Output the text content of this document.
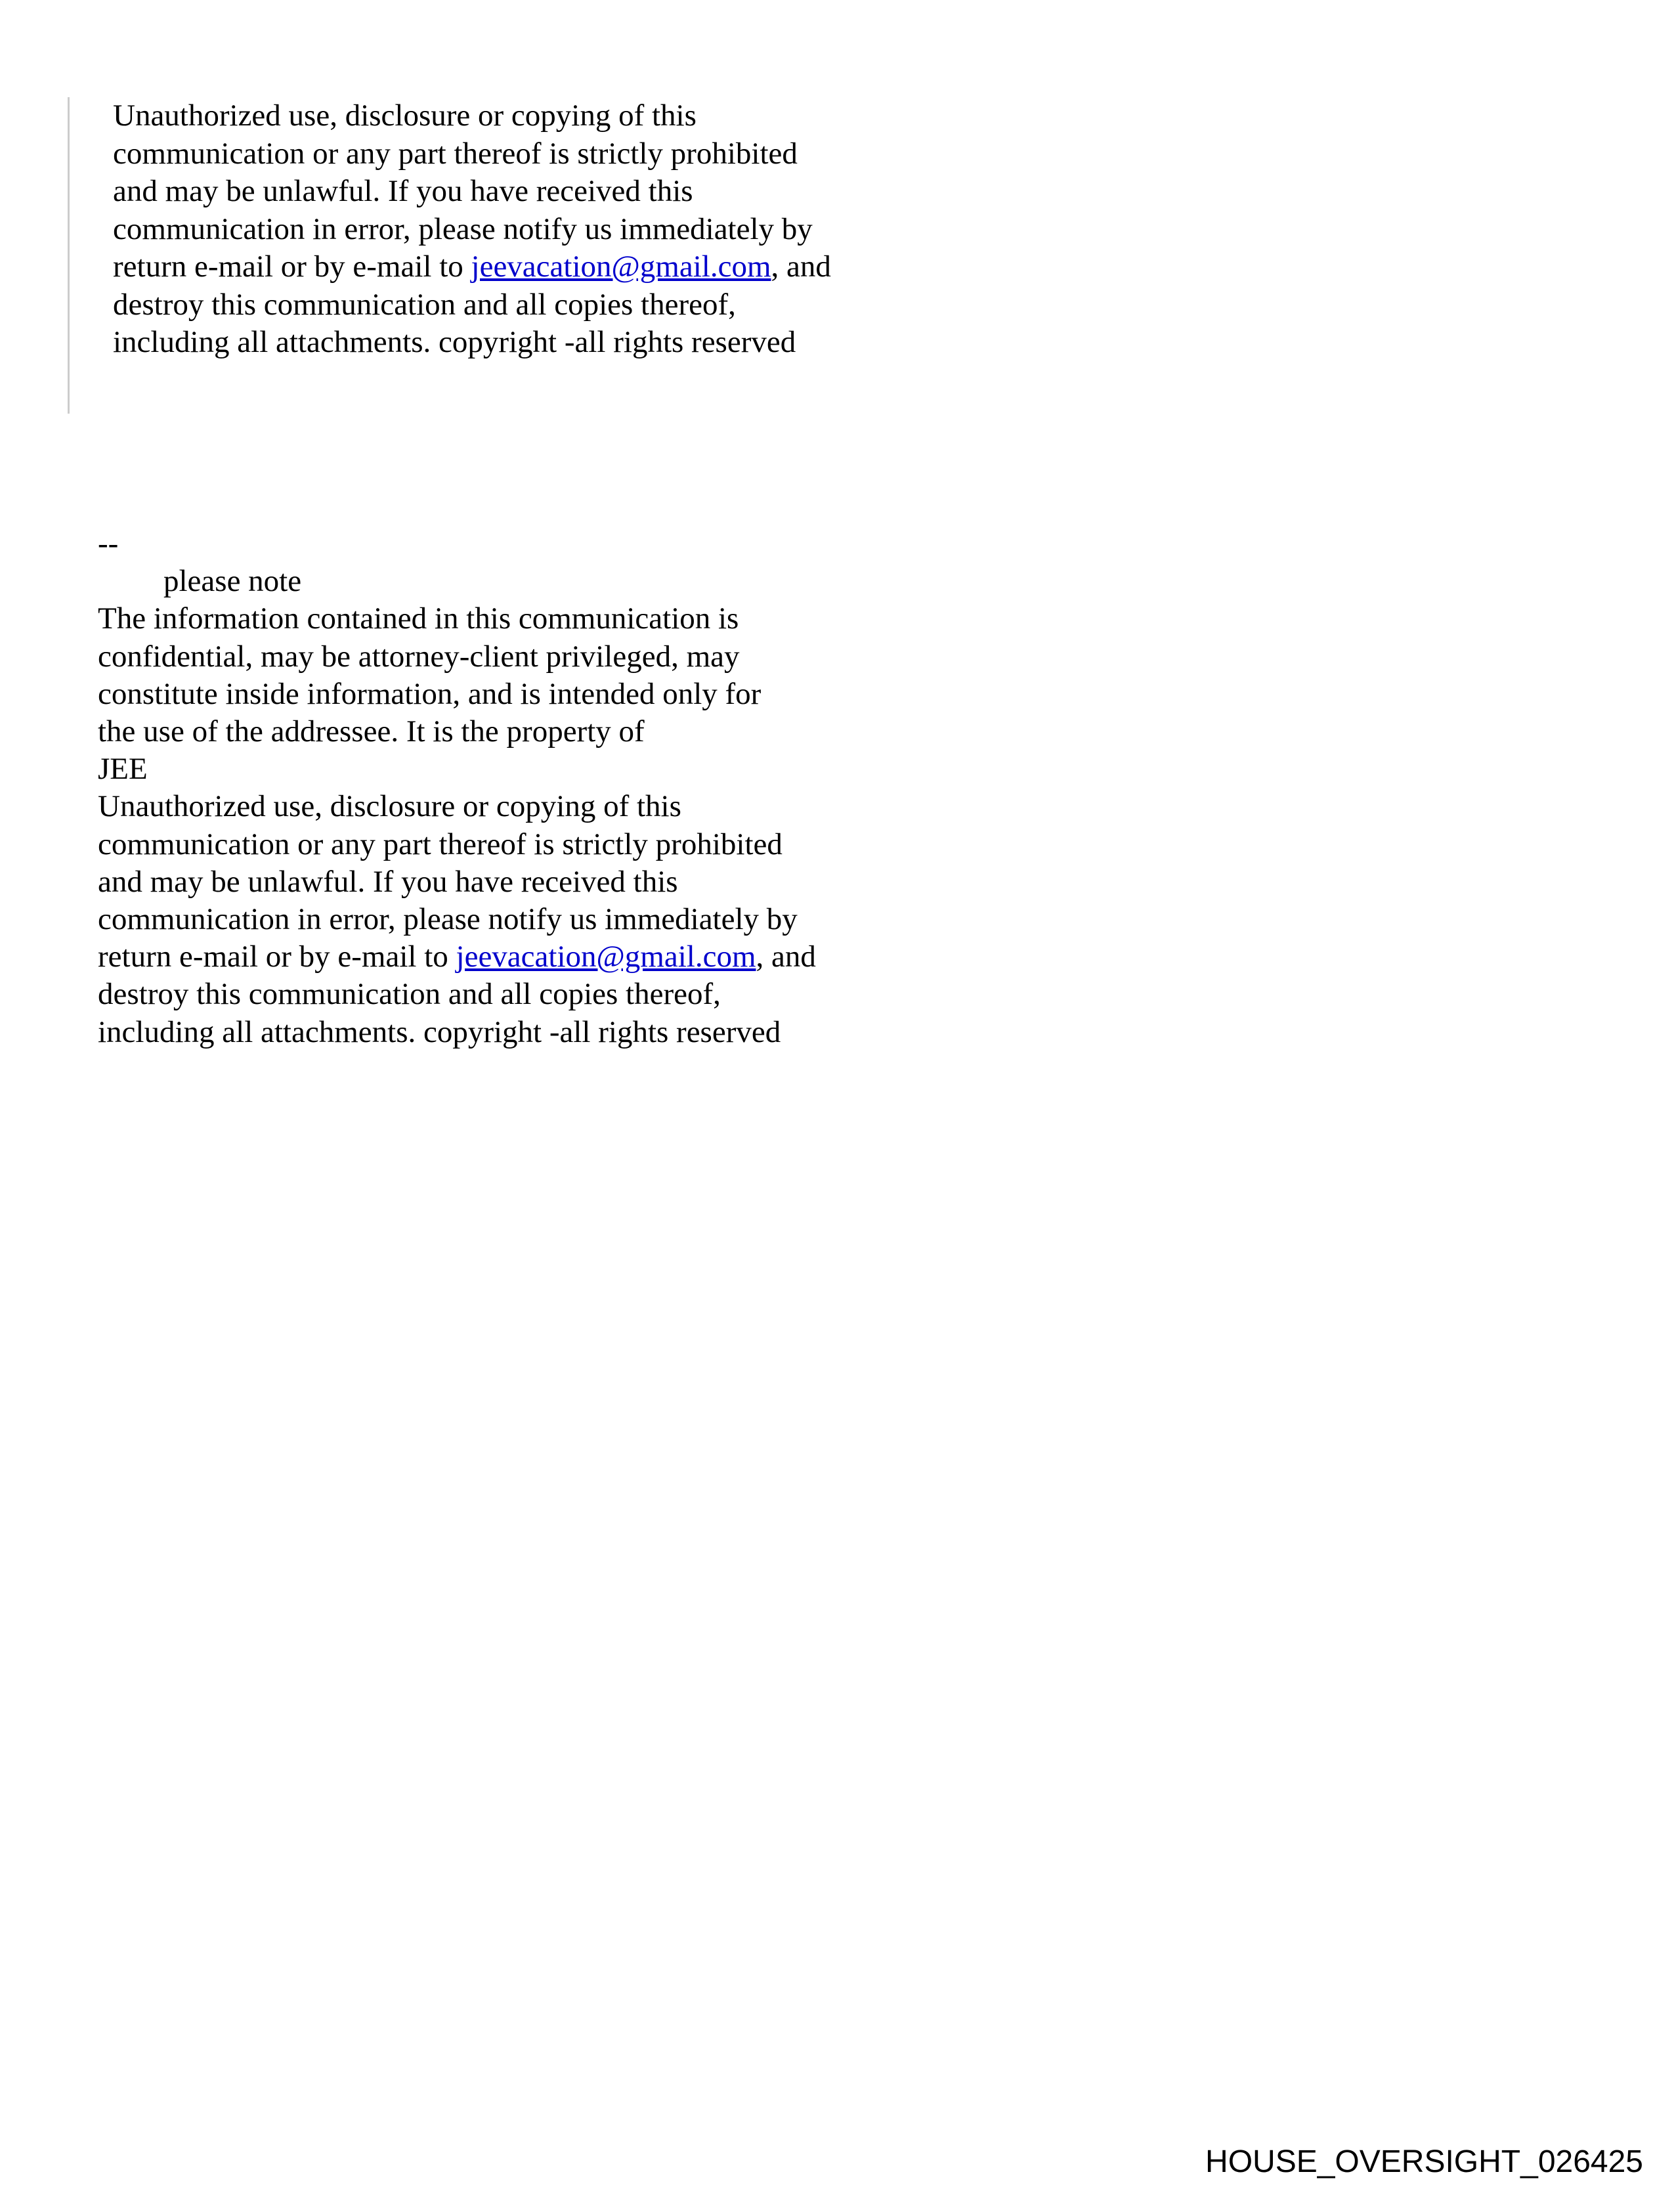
Unauthorized use, disclosure or copying of this
communication or any part thereof is strictly prohibited
and may be unlawful. If you have received this
communication in error, please notify us immediately by
return e-mail or by e-mail to jeevacation@gmail.com, and
destroy this communication and all copies thereof,
including all attachments. copyright -all rights reserved
--
please note
The information contained in this communication is
confidential, may be attorney-client privileged, may
constitute inside information, and is intended only for
the use of the addressee. It is the property of
JEE
Unauthorized use, disclosure or copying of this
communication or any part thereof is strictly prohibited
and may be unlawful. If you have received this
communication in error, please notify us immediately by
return e-mail or by e-mail to jeevacation@gmail.com, and
destroy this communication and all copies thereof,
including all attachments. copyright -all rights reserved
HOUSE_OVERSIGHT_026425
